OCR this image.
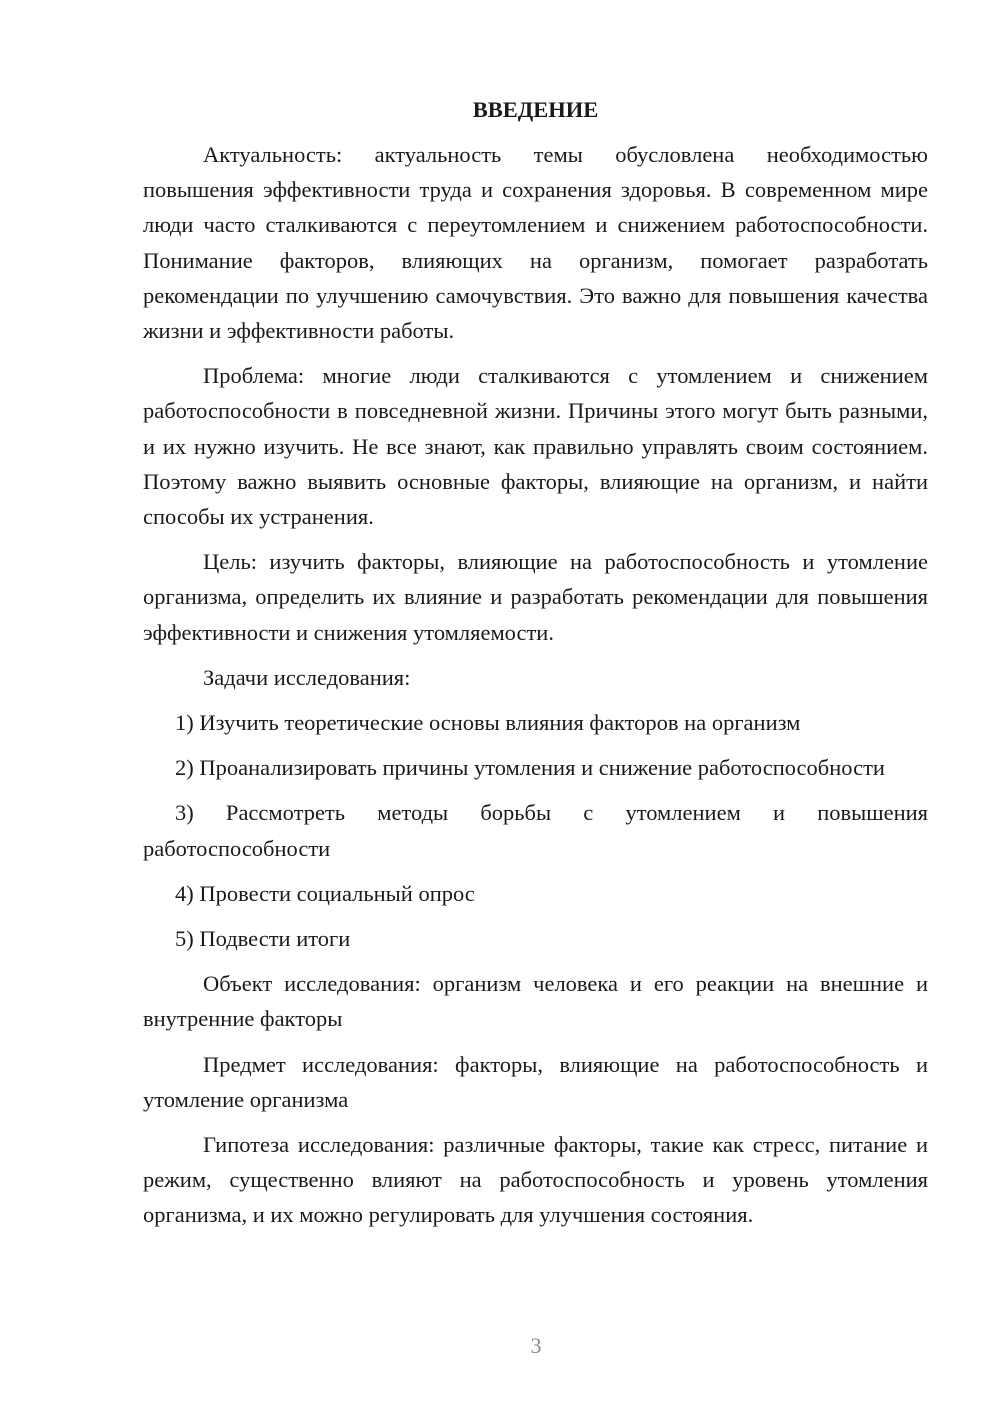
ВВЕДЕНИЕ

Актуальность: актуальность темы обусловлена необходимостью повышения эффективности труда и сохранения здоровья. В современном мире люди часто сталкиваются с переутомлением и снижением работоспособности. Понимание факторов, влияющих на организм, помогает разработать рекомендации по улучшению самочувствия. Это важно для повышения качества жизни и эффективности работы.

Проблема: многие люди сталкиваются с утомлением и снижением работоспособности в повседневной жизни. Причины этого могут быть разными, и их нужно изучить. Не все знают, как правильно управлять своим состоянием. Поэтому важно выявить основные факторы, влияющие на организм, и найти способы их устранения.

Цель: изучить факторы, влияющие на работоспособность и утомление организма, определить их влияние и разработать рекомендации для повышения эффективности и снижения утомляемости.

Задачи исследования:

1) Изучить теоретические основы влияния факторов на организм

2) Проанализировать причины утомления и снижение работоспособности

3) Рассмотреть методы борьбы с утомлением и повышения работоспособности

4) Провести социальный опрос

5) Подвести итоги

Объект исследования: организм человека и его реакции на внешние и внутренние факторы

Предмет исследования: факторы, влияющие на работоспособность и утомление организма

Гипотеза исследования: различные факторы, такие как стресс, питание и режим, существенно влияют на работоспособность и уровень утомления организма, и их можно регулировать для улучшения состояния.

3
